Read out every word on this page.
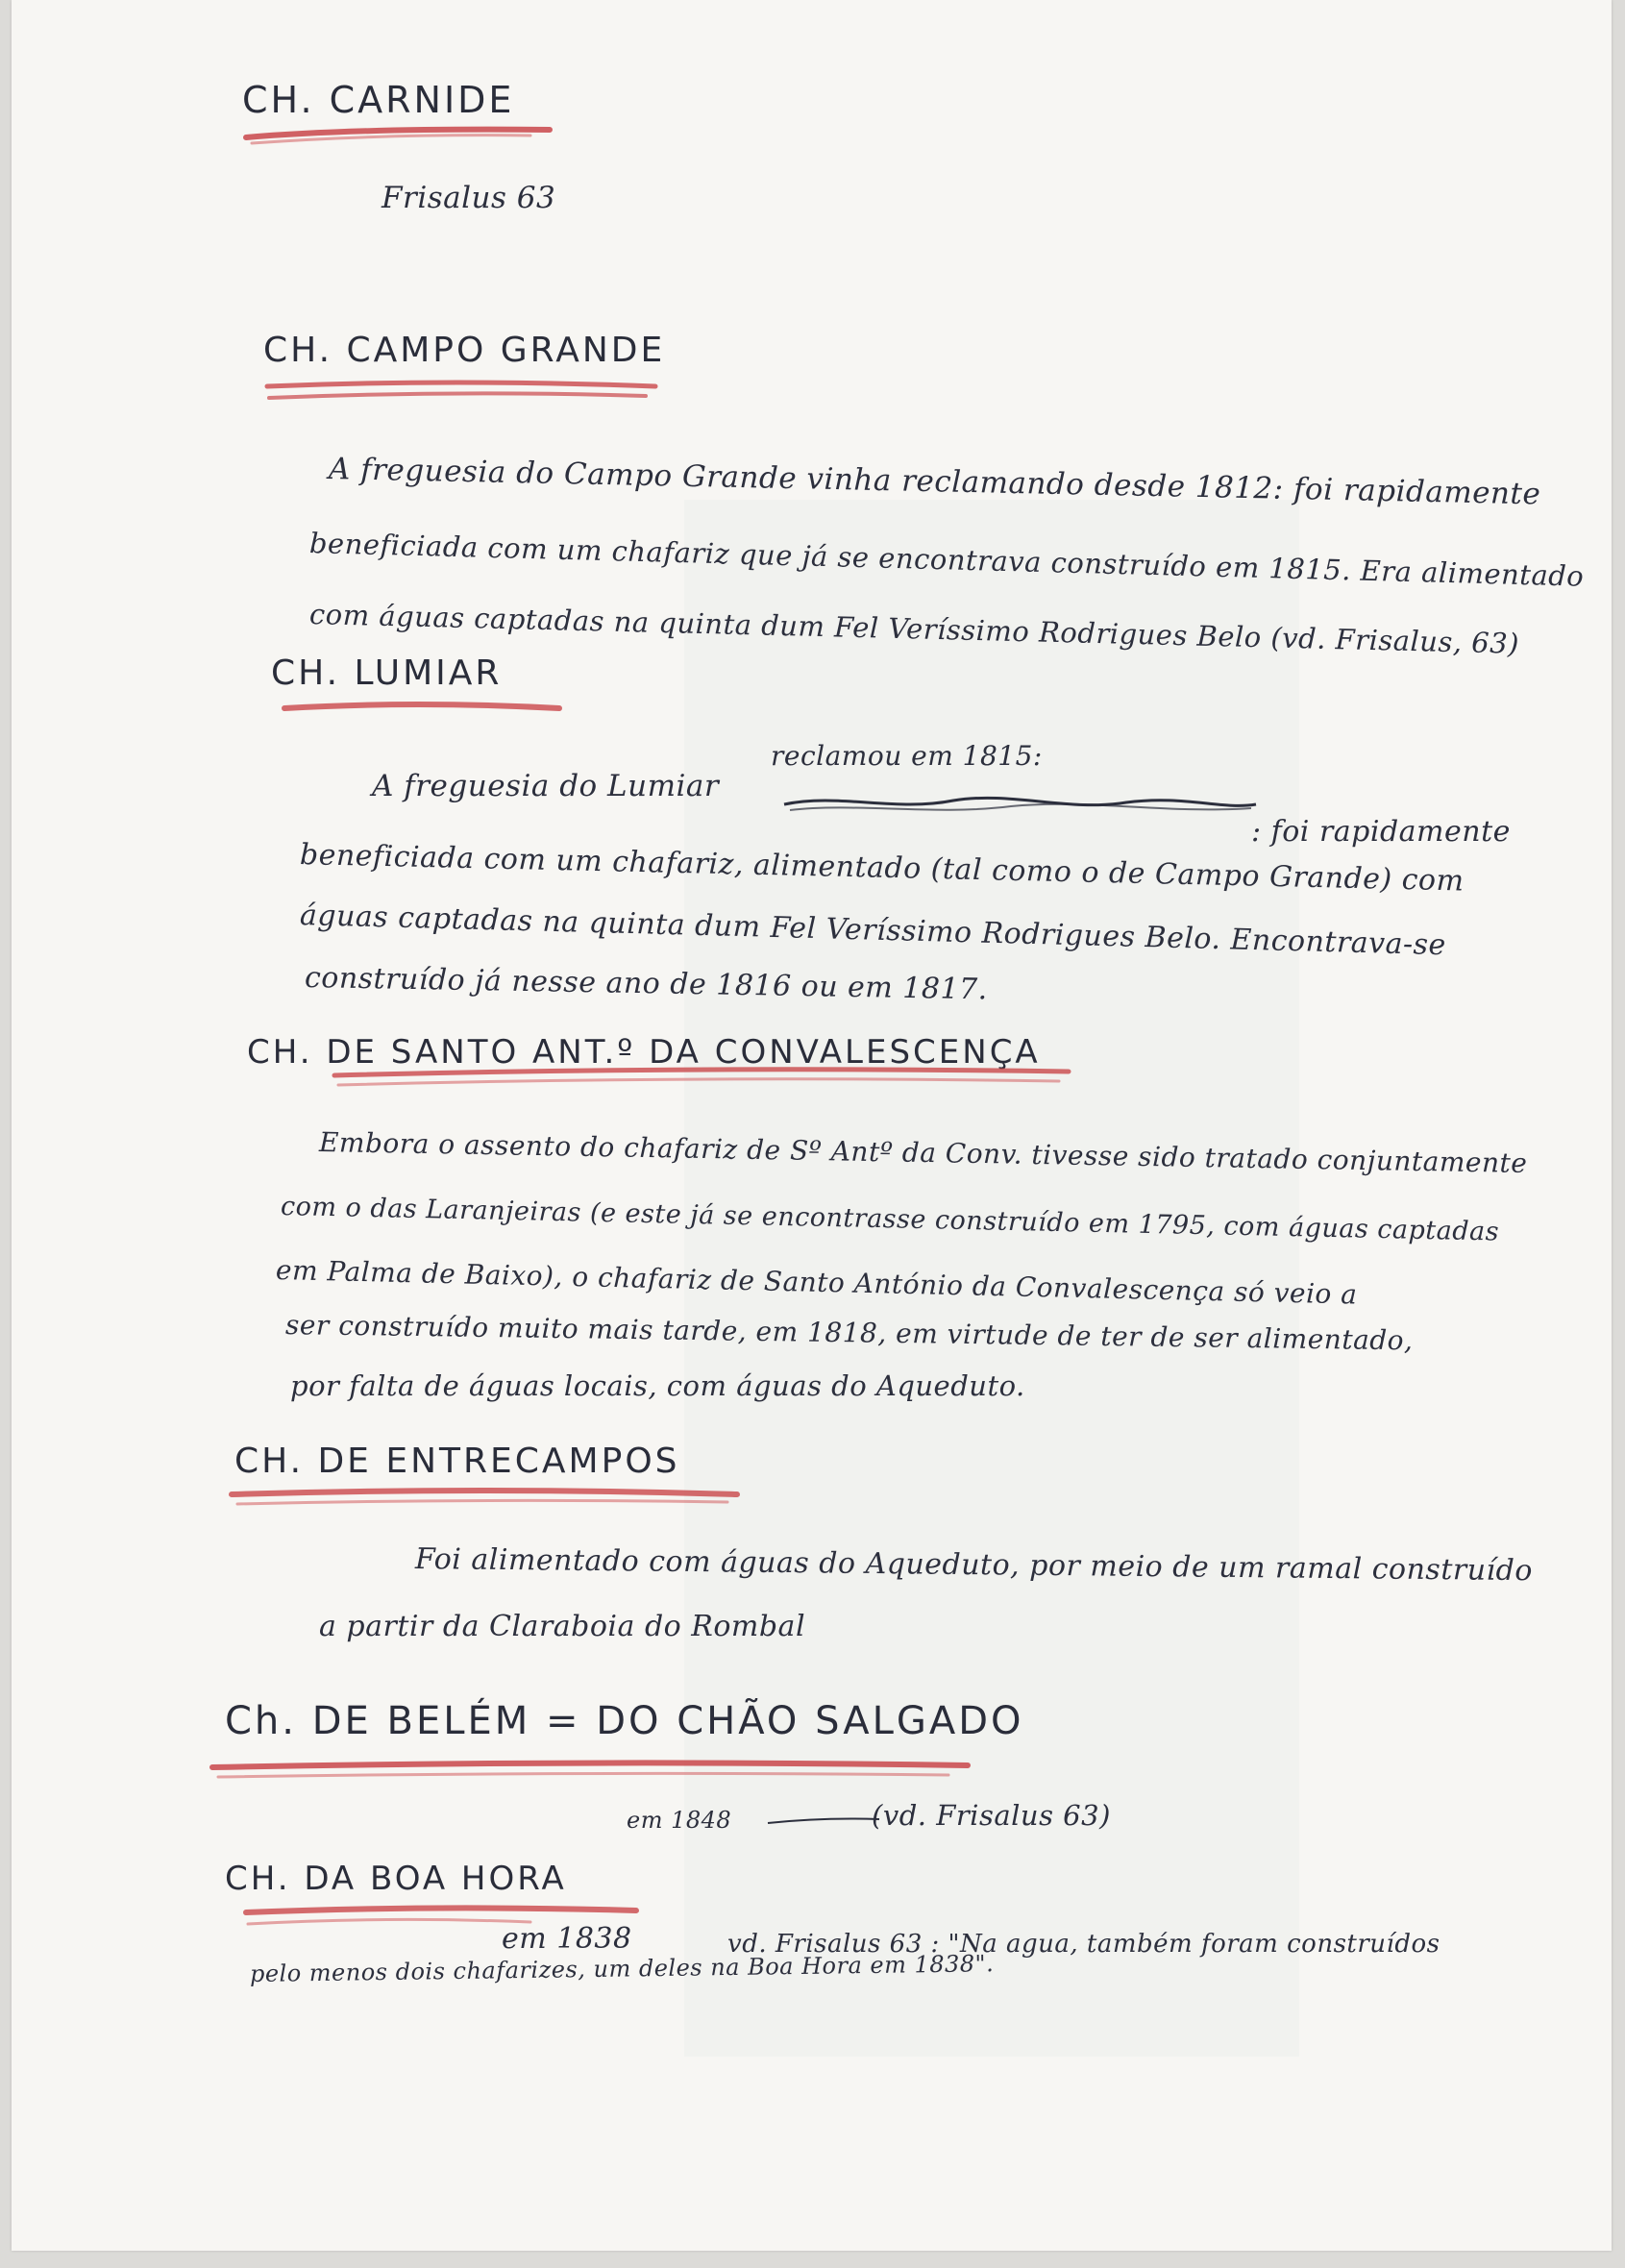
CH. CARNIDE
Frisalus 63
CH. CAMPO GRANDE
A freguesia do Campo Grande vinha reclamando desde 1812: foi rapidamente
beneficiada com um chafariz que já se encontrava construído em 1815. Era alimentado
com águas captadas na quinta dum Fel Veríssimo Rodrigues Belo (vd. Frisalus, 63)
CH. LUMIAR
reclamou em 1815:
A freguesia do Lumiar
: foi rapidamente
beneficiada com um chafariz, alimentado (tal como o de Campo Grande) com
águas captadas na quinta dum Fel Veríssimo Rodrigues Belo. Encontrava-se
construído já nesse ano de 1816 ou em 1817.
CH. DE SANTO ANT.º DA CONVALESCENÇA
Embora o assento do chafariz de Sº Antº da Conv. tivesse sido tratado conjuntamente
com o das Laranjeiras (e este já se encontrasse construído em 1795, com águas captadas
em Palma de Baixo), o chafariz de Santo António da Convalescença só veio a
ser construído muito mais tarde, em 1818, em virtude de ter de ser alimentado,
por falta de águas locais, com águas do Aqueduto.
CH. DE ENTRECAMPOS
Foi alimentado com águas do Aqueduto, por meio de um ramal construído
a partir da Claraboia do Rombal
Ch. DE BELÉM = DO CHÃO SALGADO
em 1848	(vd. Frisalus 63)
CH. DA BOA HORA
em 1838	vd. Frisalus 63 : "Na agua, também foram construídos
pelo menos dois chafarizes, um deles na Boa Hora em 1838".
